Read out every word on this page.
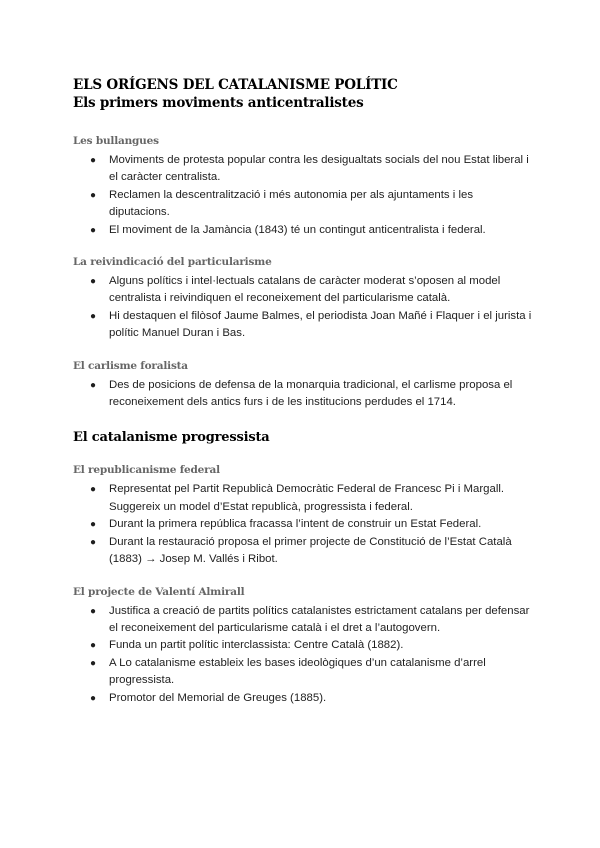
ELS ORÍGENS DEL CATALANISME POLÍTIC
Els primers moviments anticentralistes
Les bullangues
● Moviments de protesta popular contra les desigualtats socials del nou Estat liberal i el caràcter centralista.
● Reclamen la descentralització i més autonomia per als ajuntaments i les diputacions.
● El moviment de la Jamància (1843) té un contingut anticentralista i federal.
La reivindicació del particularisme
● Alguns polítics i intel·lectuals catalans de caràcter moderat s’oposen al model centralista i reivindiquen el reconeixement del particularisme català.
● Hi destaquen el filòsof Jaume Balmes, el periodista Joan Mañé i Flaquer i el jurista i polític Manuel Duran i Bas.
El carlisme foralista
● Des de posicions de defensa de la monarquia tradicional, el carlisme proposa el reconeixement dels antics furs i de les institucions perdudes el 1714.
El catalanisme progressista
El republicanisme federal
● Representat pel Partit Republicà Democràtic Federal de Francesc Pi i Margall. Suggereix un model d’Estat republicà, progressista i federal.
● Durant la primera república fracassa l’intent de construir un Estat Federal.
● Durant la restauració proposa el primer projecte de Constitució de l’Estat Català (1883) → Josep M. Vallés i Ribot.
El projecte de Valentí Almirall
● Justifica a creació de partits polítics catalanistes estrictament catalans per defensar el reconeixement del particularisme català i el dret a l’autogovern.
● Funda un partit polític interclassista: Centre Català (1882).
● A Lo catalanisme estableix les bases ideològiques d’un catalanisme d’arrel progressista.
● Promotor del Memorial de Greuges (1885).
